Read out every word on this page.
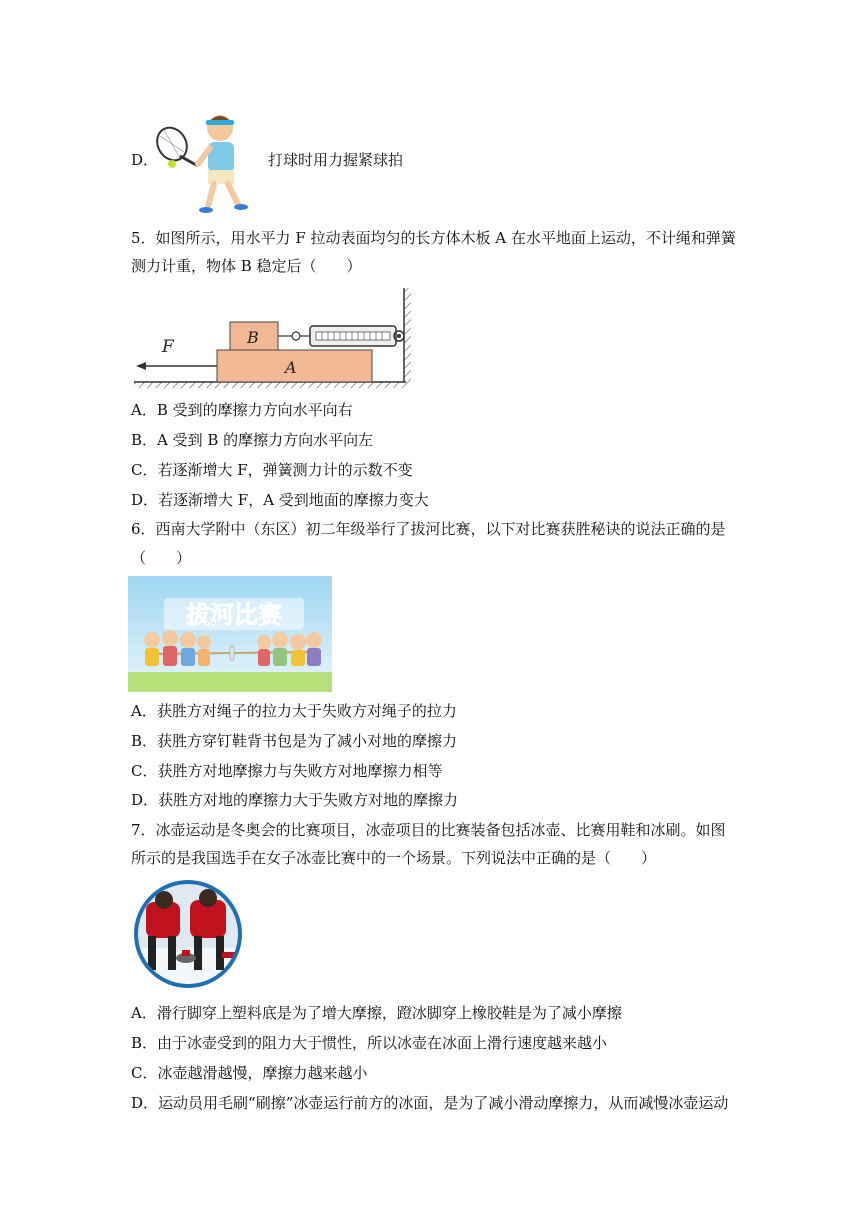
D．	打球时用力握紧球拍
5．如图所示，用水平力 F 拉动表面均匀的长方体木板 A 在水平地面上运动，不计绳和弹簧
测力计重，物体 B 稳定后（　　）
F
A
B
A．B 受到的摩擦力方向水平向右
B．A 受到 B 的摩擦力方向水平向左
C．若逐渐增大 F，弹簧测力计的示数不变
D．若逐渐增大 F，A 受到地面的摩擦力变大
6．西南大学附中（东区）初二年级举行了拔河比赛，以下对比赛获胜秘诀的说法正确的是
（　　）
拔河比赛
A．获胜方对绳子的拉力大于失败方对绳子的拉力
B．获胜方穿钉鞋背书包是为了减小对地的摩擦力
C．获胜方对地摩擦力与失败方对地摩擦力相等
D．获胜方对地的摩擦力大于失败方对地的摩擦力
7．冰壶运动是冬奥会的比赛项目，冰壶项目的比赛装备包括冰壶、比赛用鞋和冰刷。如图
所示的是我国选手在女子冰壶比赛中的一个场景。下列说法中正确的是（　　）
A．滑行脚穿上塑料底是为了增大摩擦，蹬冰脚穿上橡胶鞋是为了减小摩擦
B．由于冰壶受到的阻力大于惯性，所以冰壶在冰面上滑行速度越来越小
C．冰壶越滑越慢，摩擦力越来越小
D．运动员用毛刷“刷擦”冰壶运行前方的冰面，是为了减小滑动摩擦力，从而减慢冰壶运动
